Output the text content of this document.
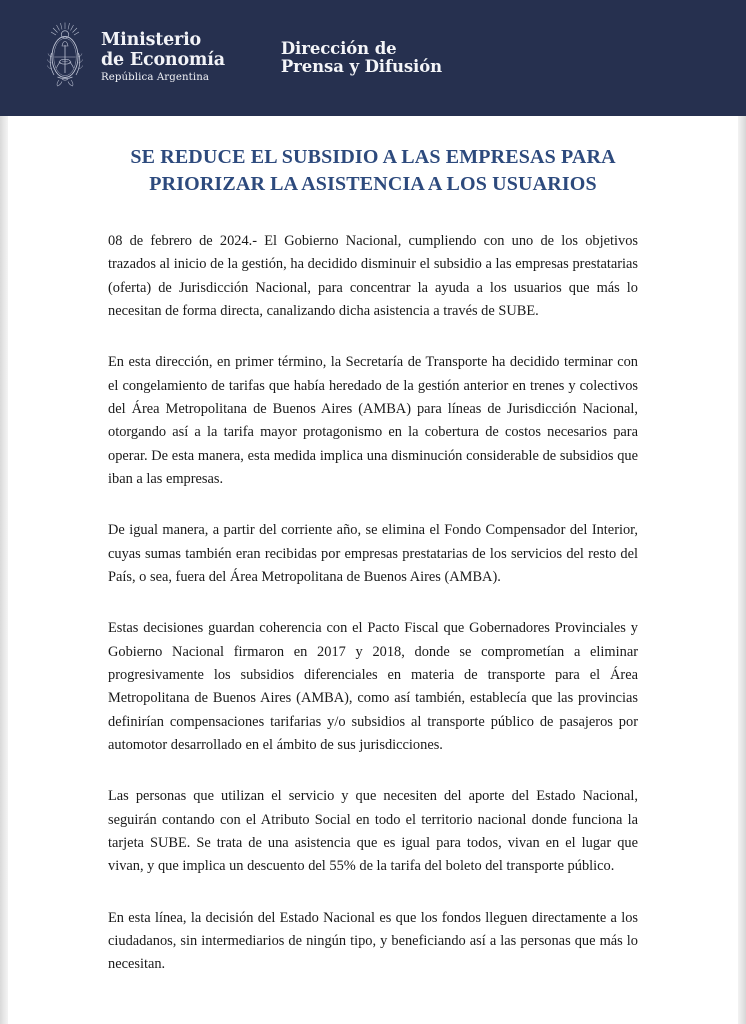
Ministerio
de Economía
República Argentina
Dirección de
Prensa y Difusión
SE REDUCE EL SUBSIDIO A LAS EMPRESAS PARA
PRIORIZAR LA ASISTENCIA A LOS USUARIOS

08 de febrero de 2024.- El Gobierno Nacional, cumpliendo con uno de los objetivos trazados al inicio de la gestión, ha decidido disminuir el subsidio a las empresas prestatarias (oferta) de Jurisdicción Nacional, para concentrar la ayuda a los usuarios que más lo necesitan de forma directa, canalizando dicha asistencia a través de SUBE.

En esta dirección, en primer término, la Secretaría de Transporte ha decidido terminar con el congelamiento de tarifas que había heredado de la gestión anterior en trenes y colectivos del Área Metropolitana de Buenos Aires (AMBA) para líneas de Jurisdicción Nacional, otorgando así a la tarifa mayor protagonismo en la cobertura de costos necesarios para operar. De esta manera, esta medida implica una disminución considerable de subsidios que iban a las empresas.

De igual manera, a partir del corriente año, se elimina el Fondo Compensador del Interior, cuyas sumas también eran recibidas por empresas prestatarias de los servicios del resto del País, o sea, fuera del Área Metropolitana de Buenos Aires (AMBA).

Estas decisiones guardan coherencia con el Pacto Fiscal que Gobernadores Provinciales y Gobierno Nacional firmaron en 2017 y 2018, donde se comprometían a eliminar progresivamente los subsidios diferenciales en materia de transporte para el Área Metropolitana de Buenos Aires (AMBA), como así también, establecía que las provincias definirían compensaciones tarifarias y/o subsidios al transporte público de pasajeros por automotor desarrollado en el ámbito de sus jurisdicciones.

Las personas que utilizan el servicio y que necesiten del aporte del Estado Nacional, seguirán contando con el Atributo Social en todo el territorio nacional donde funciona la tarjeta SUBE. Se trata de una asistencia que es igual para todos, vivan en el lugar que vivan, y que implica un descuento del 55% de la tarifa del boleto del transporte público.

En esta línea, la decisión del Estado Nacional es que los fondos lleguen directamente a los ciudadanos, sin intermediarios de ningún tipo, y beneficiando así a las personas que más lo necesitan.
